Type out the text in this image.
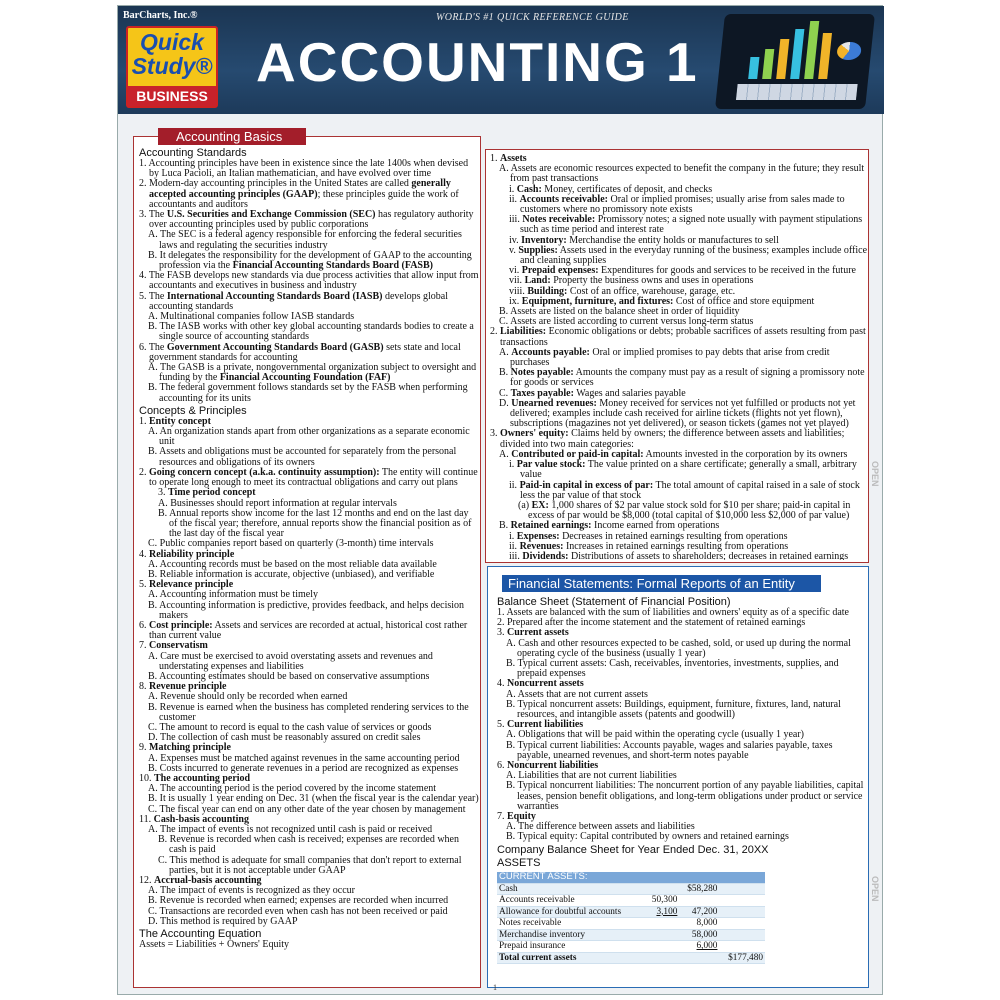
BarCharts, Inc.®	WORLD'S #1 QUICK REFERENCE GUIDE
Quick Study®
BUSINESS
ACCOUNTING 1
Accounting Basics
Accounting Standards
1. Accounting principles have been in existence since the late 1400s when devised by Luca Pacioli, an Italian mathematician, and have evolved over time
2. Modern-day accounting principles in the United States are called generally accepted accounting principles (GAAP); these principles guide the work of accountants and auditors
3. The U.S. Securities and Exchange Commission (SEC) has regulatory authority over accounting principles used by public corporations
A. The SEC is a federal agency responsible for enforcing the federal securities laws and regulating the securities industry
B. It delegates the responsibility for the development of GAAP to the accounting profession via the Financial Accounting Standards Board (FASB)
4. The FASB develops new standards via due process activities that allow input from accountants and executives in business and industry
5. The International Accounting Standards Board (IASB) develops global accounting standards
A. Multinational companies follow IASB standards
B. The IASB works with other key global accounting standards bodies to create a single source of accounting standards
6. The Government Accounting Standards Board (GASB) sets state and local government standards for accounting
A. The GASB is a private, nongovernmental organization subject to oversight and funding by the Financial Accounting Foundation (FAF)
B. The federal government follows standards set by the FASB when performing accounting for its units
Concepts & Principles
1. Entity concept
A. An organization stands apart from other organizations as a separate economic unit
B. Assets and obligations must be accounted for separately from the personal resources and obligations of its owners
2. Going concern concept (a.k.a. continuity assumption): The entity will continue to operate long enough to meet its contractual obligations and carry out plans
3. Time period concept
A. Businesses should report information at regular intervals
B. Annual reports show income for the last 12 months and end on the last day of the fiscal year; therefore, annual reports show the financial position as of the last day of the fiscal year
C. Public companies report based on quarterly (3-month) time intervals
4. Reliability principle
A. Accounting records must be based on the most reliable data available
B. Reliable information is accurate, objective (unbiased), and verifiable
5. Relevance principle
A. Accounting information must be timely
B. Accounting information is predictive, provides feedback, and helps decision makers
6. Cost principle: Assets and services are recorded at actual, historical cost rather than current value
7. Conservatism
A. Care must be exercised to avoid overstating assets and revenues and understating expenses and liabilities
B. Accounting estimates should be based on conservative assumptions
8. Revenue principle
A. Revenue should only be recorded when earned
B. Revenue is earned when the business has completed rendering services to the customer
C. The amount to record is equal to the cash value of services or goods
D. The collection of cash must be reasonably assured on credit sales
9. Matching principle
A. Expenses must be matched against revenues in the same accounting period
B. Costs incurred to generate revenues in a period are recognized as expenses
10. The accounting period
A. The accounting period is the period covered by the income statement
B. It is usually 1 year ending on Dec. 31 (when the fiscal year is the calendar year)
C. The fiscal year can end on any other date of the year chosen by management
11. Cash-basis accounting
A. The impact of events is not recognized until cash is paid or received
B. Revenue is recorded when cash is received; expenses are recorded when cash is paid
C. This method is adequate for small companies that don't report to external parties, but it is not acceptable under GAAP
12. Accrual-basis accounting
A. The impact of events is recognized as they occur
B. Revenue is recorded when earned; expenses are recorded when incurred
C. Transactions are recorded even when cash has not been received or paid
D. This method is required by GAAP
The Accounting Equation
Assets = Liabilities + Owners' Equity
1. Assets
A. Assets are economic resources expected to benefit the company in the future; they result from past transactions
i. Cash: Money, certificates of deposit, and checks
ii. Accounts receivable: Oral or implied promises; usually arise from sales made to customers where no promissory note exists
iii. Notes receivable: Promissory notes; a signed note usually with payment stipulations such as time period and interest rate
iv. Inventory: Merchandise the entity holds or manufactures to sell
v. Supplies: Assets used in the everyday running of the business; examples include office and cleaning supplies
vi. Prepaid expenses: Expenditures for goods and services to be received in the future
vii. Land: Property the business owns and uses in operations
viii. Building: Cost of an office, warehouse, garage, etc.
ix. Equipment, furniture, and fixtures: Cost of office and store equipment
B. Assets are listed on the balance sheet in order of liquidity
C. Assets are listed according to current versus long-term status
2. Liabilities: Economic obligations or debts; probable sacrifices of assets resulting from past transactions
A. Accounts payable: Oral or implied promises to pay debts that arise from credit purchases
B. Notes payable: Amounts the company must pay as a result of signing a promissory note for goods or services
C. Taxes payable: Wages and salaries payable
D. Unearned revenues: Money received for services not yet fulfilled or products not yet delivered; examples include cash received for airline tickets (flights not yet flown), subscriptions (magazines not yet delivered), or season tickets (games not yet played)
3. Owners' equity: Claims held by owners; the difference between assets and liabilities; divided into two main categories:
A. Contributed or paid-in capital: Amounts invested in the corporation by its owners
i. Par value stock: The value printed on a share certificate; generally a small, arbitrary value
ii. Paid-in capital in excess of par: The total amount of capital raised in a sale of stock less the par value of that stock
(a) EX: 1,000 shares of $2 par value stock sold for $10 per share; paid-in capital in excess of par would be $8,000 (total capital of $10,000 less $2,000 of par value)
B. Retained earnings: Income earned from operations
i. Expenses: Decreases in retained earnings resulting from operations
ii. Revenues: Increases in retained earnings resulting from operations
iii. Dividends: Distributions of assets to shareholders; decreases in retained earnings
Financial Statements: Formal Reports of an Entity
Balance Sheet (Statement of Financial Position)
1. Assets are balanced with the sum of liabilities and owners' equity as of a specific date
2. Prepared after the income statement and the statement of retained earnings
3. Current assets
A. Cash and other resources expected to be cashed, sold, or used up during the normal operating cycle of the business (usually 1 year)
B. Typical current assets: Cash, receivables, inventories, investments, supplies, and prepaid expenses
4. Noncurrent assets
A. Assets that are not current assets
B. Typical noncurrent assets: Buildings, equipment, furniture, fixtures, land, natural resources, and intangible assets (patents and goodwill)
5. Current liabilities
A. Obligations that will be paid within the operating cycle (usually 1 year)
B. Typical current liabilities: Accounts payable, wages and salaries payable, taxes payable, unearned revenues, and short-term notes payable
6. Noncurrent liabilities
A. Liabilities that are not current liabilities
B. Typical noncurrent liabilities: The noncurrent portion of any payable liabilities, capital leases, pension benefit obligations, and long-term obligations under product or service warranties
7. Equity
A. The difference between assets and liabilities
B. Typical equity: Capital contributed by owners and retained earnings
Company Balance Sheet for Year Ended Dec. 31, 20XX
ASSETS
CURRENT ASSETS:			
Cash		$58,280	
Accounts receivable	50,300		
Allowance for doubtful accounts	3,100	47,200	
Notes receivable		8,000	
Merchandise inventory		58,000	
Prepaid insurance		6,000	
Total current assets			$177,480
OPEN
OPEN
1
